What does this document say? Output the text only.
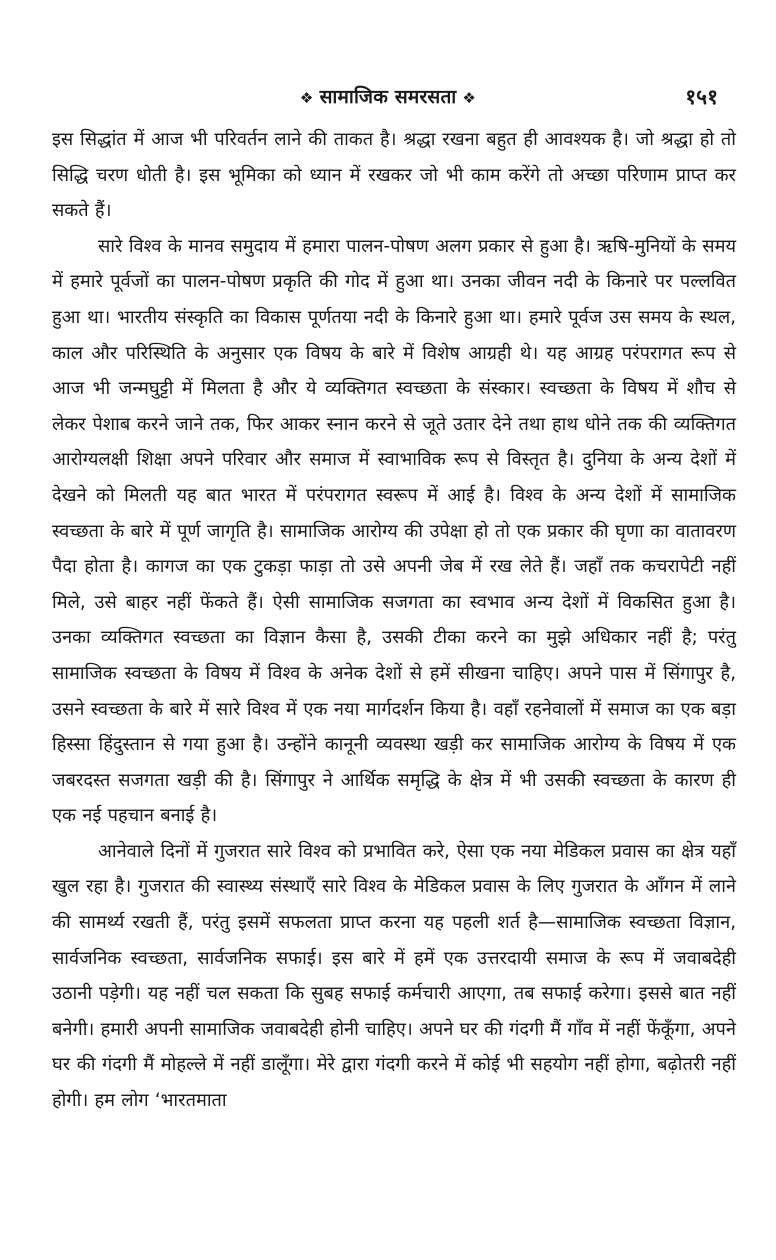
❖ सामाजिक समरसता ❖	१५१

इस सिद्धांत में आज भी परिवर्तन लाने की ताकत है। श्रद्धा रखना बहुत ही आवश्यक है। जो श्रद्धा हो तो सिद्धि चरण धोती है। इस भूमिका को ध्यान में रखकर जो भी काम करेंगे तो अच्छा परिणाम प्राप्त कर सकते हैं।

सारे विश्व के मानव समुदाय में हमारा पालन-पोषण अलग प्रकार से हुआ है। ऋषि-मुनियों के समय में हमारे पूर्वजों का पालन-पोषण प्रकृति की गोद में हुआ था। उनका जीवन नदी के किनारे पर पल्लवित हुआ था। भारतीय संस्कृति का विकास पूर्णतया नदी के किनारे हुआ था। हमारे पूर्वज उस समय के स्थल, काल और परिस्थिति के अनुसार एक विषय के बारे में विशेष आग्रही थे। यह आग्रह परंपरागत रूप से आज भी जन्मघुट्टी में मिलता है और ये व्यक्तिगत स्वच्छता के संस्कार। स्वच्छता के विषय में शौच से लेकर पेशाब करने जाने तक, फिर आकर स्नान करने से जूते उतार देने तथा हाथ धोने तक की व्यक्तिगत आरोग्यलक्षी शिक्षा अपने परिवार और समाज में स्वाभाविक रूप से विस्तृत है। दुनिया के अन्य देशों में देखने को मिलती यह बात भारत में परंपरागत स्वरूप में आई है। विश्व के अन्य देशों में सामाजिक स्वच्छता के बारे में पूर्ण जागृति है। सामाजिक आरोग्य की उपेक्षा हो तो एक प्रकार की घृणा का वातावरण पैदा होता है। कागज का एक टुकड़ा फाड़ा तो उसे अपनी जेब में रख लेते हैं। जहाँ तक कचरापेटी नहीं मिले, उसे बाहर नहीं फेंकते हैं। ऐसी सामाजिक सजगता का स्वभाव अन्य देशों में विकसित हुआ है। उनका व्यक्तिगत स्वच्छता का विज्ञान कैसा है, उसकी टीका करने का मुझे अधिकार नहीं है; परंतु सामाजिक स्वच्छता के विषय में विश्व के अनेक देशों से हमें सीखना चाहिए। अपने पास में सिंगापुर है, उसने स्वच्छता के बारे में सारे विश्व में एक नया मार्गदर्शन किया है। वहाँ रहनेवालों में समाज का एक बड़ा हिस्सा हिंदुस्तान से गया हुआ है। उन्होंने कानूनी व्यवस्था खड़ी कर सामाजिक आरोग्य के विषय में एक जबरदस्त सजगता खड़ी की है। सिंगापुर ने आर्थिक समृद्धि के क्षेत्र में भी उसकी स्वच्छता के कारण ही एक नई पहचान बनाई है।

आनेवाले दिनों में गुजरात सारे विश्व को प्रभावित करे, ऐसा एक नया मेडिकल प्रवास का क्षेत्र यहाँ खुल रहा है। गुजरात की स्वास्थ्य संस्थाएँ सारे विश्व के मेडिकल प्रवास के लिए गुजरात के आँगन में लाने की सामर्थ्य रखती हैं, परंतु इसमें सफलता प्राप्त करना यह पहली शर्त है—सामाजिक स्वच्छता विज्ञान, सार्वजनिक स्वच्छता, सार्वजनिक सफाई। इस बारे में हमें एक उत्तरदायी समाज के रूप में जवाबदेही उठानी पड़ेगी। यह नहीं चल सकता कि सुबह सफाई कर्मचारी आएगा, तब सफाई करेगा। इससे बात नहीं बनेगी। हमारी अपनी सामाजिक जवाबदेही होनी चाहिए। अपने घर की गंदगी मैं गाँव में नहीं फेंकूँगा, अपने घर की गंदगी मैं मोहल्ले में नहीं डालूँगा। मेरे द्वारा गंदगी करने में कोई भी सहयोग नहीं होगा, बढ़ोतरी नहीं होगी। हम लोग ‘भारतमाता
